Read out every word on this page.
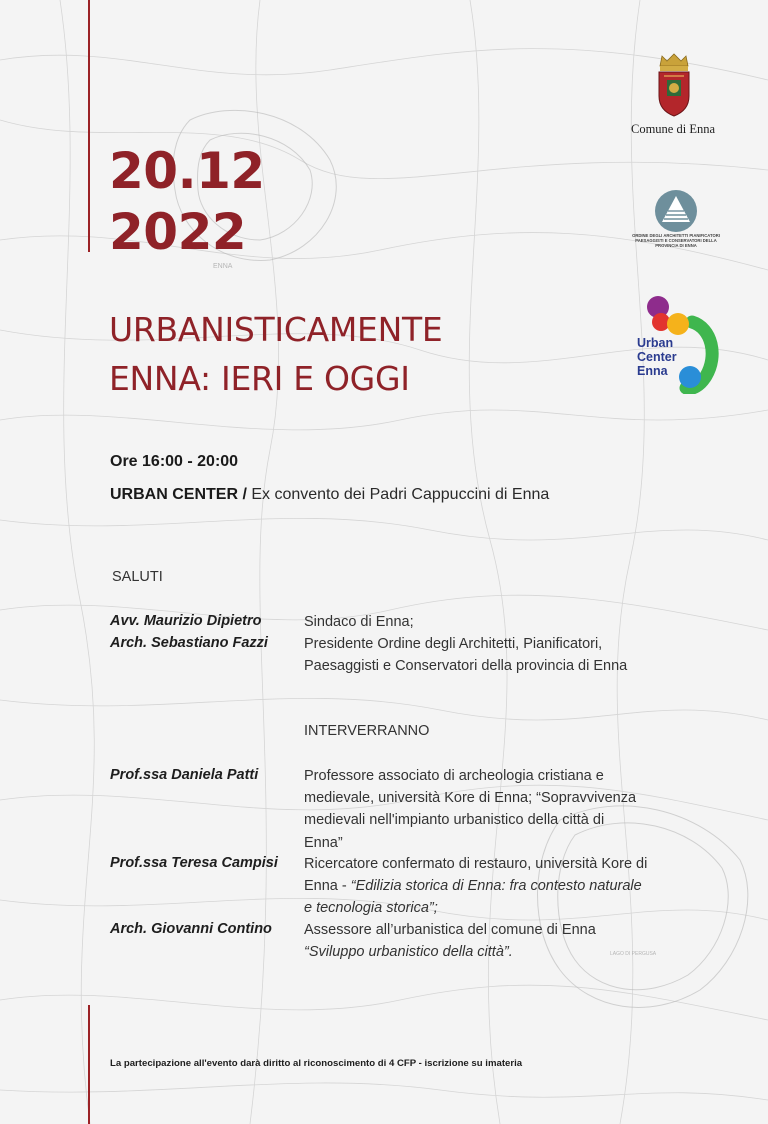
ENNA
LAGO DI PERGUSA
20.12
2022
URBANISTICAMENTE
ENNA: IERI E OGGI
Ore 16:00 - 20:00
URBAN CENTER / Ex convento dei Padri Cappuccini di Enna
SALUTI
INTERVERRANNO
Avv. Maurizio Dipietro	Sindaco di Enna;
Arch. Sebastiano Fazzi Presidente Ordine degli Architetti, Pianificatori, Paesaggisti e Conservatori della provincia di Enna
Prof.ssa Daniela Patti	Professore associato di archeologia cristiana e medievale, università Kore di Enna; “Sopravvivenza medievali nell'impianto urbanistico della città di Enna”
Prof.ssa Teresa Campisi Ricercatore confermato di restauro, università Kore di Enna - “Edilizia storica di Enna: fra contesto naturale e tecnologia storica”;
Arch. Giovanni Contino Assessore all’urbanistica del comune di Enna
“Sviluppo urbanistico della città”.
La partecipazione all'evento darà diritto al riconoscimento di 4 CFP - iscrizione su imateria
Comune di Enna
ORDINE DEGLI ARCHITETTI PIANIFICATORI PAESAGGISTI E CONSERVATORI DELLA PROVINCIA DI ENNA
Urban
Center
Enna
